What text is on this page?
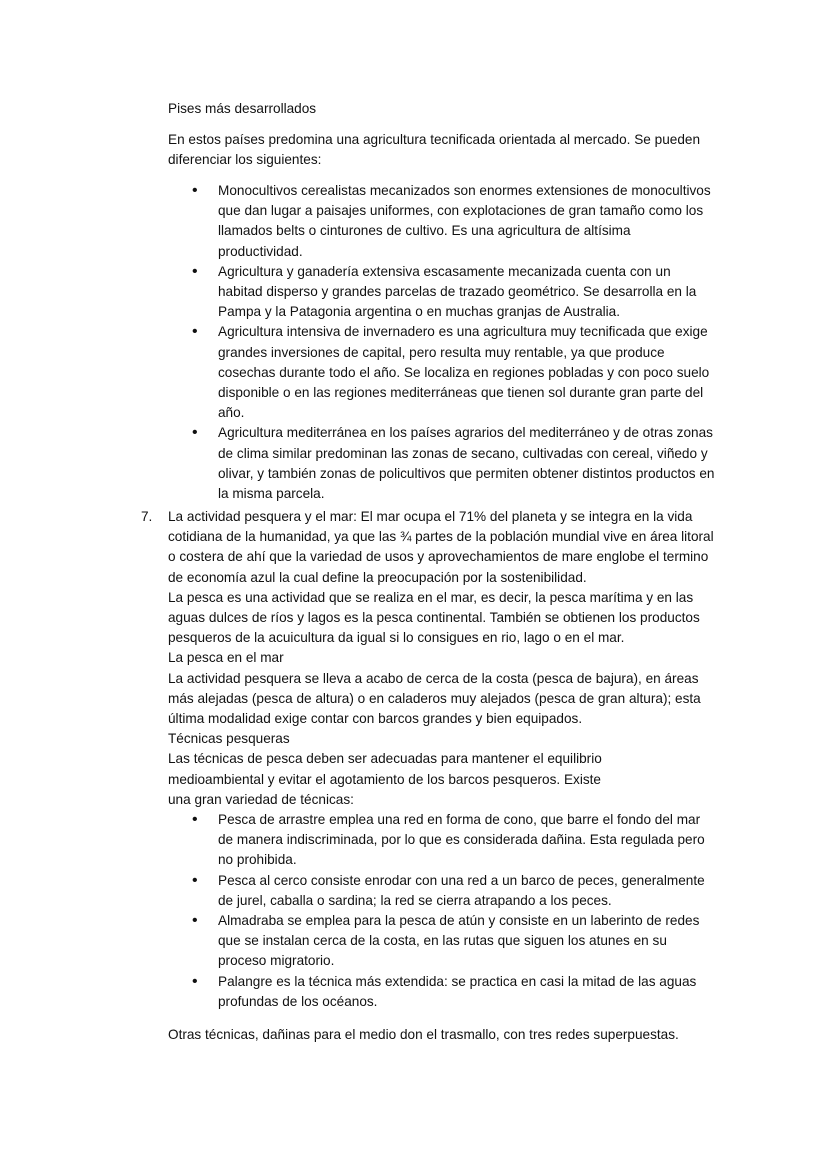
Pises más desarrollados

En estos países predomina una agricultura tecnificada orientada al mercado. Se pueden diferenciar los siguientes:

• Monocultivos cerealistas mecanizados son enormes extensiones de monocultivos que dan lugar a paisajes uniformes, con explotaciones de gran tamaño como los llamados belts o cinturones de cultivo. Es una agricultura de altísima productividad.
• Agricultura y ganadería extensiva escasamente mecanizada cuenta con un habitad disperso y grandes parcelas de trazado geométrico. Se desarrolla en la Pampa y la Patagonia argentina o en muchas granjas de Australia.
• Agricultura intensiva de invernadero es una agricultura muy tecnificada que exige grandes inversiones de capital, pero resulta muy rentable, ya que produce cosechas durante todo el año. Se localiza en regiones pobladas y con poco suelo disponible o en las regiones mediterráneas que tienen sol durante gran parte del año.
• Agricultura mediterránea en los países agrarios del mediterráneo y de otras zonas de clima similar predominan las zonas de secano, cultivadas con cereal, viñedo y olivar, y también zonas de policultivos que permiten obtener distintos productos en la misma parcela.
7. La actividad pesquera y el mar: El mar ocupa el 71% del planeta y se integra en la vida cotidiana de la humanidad, ya que las ¾ partes de la población mundial vive en área litoral o costera de ahí que la variedad de usos y aprovechamientos de mare englobe el termino de economía azul la cual define la preocupación por la sostenibilidad.
La pesca es una actividad que se realiza en el mar, es decir, la pesca marítima y en las aguas dulces de ríos y lagos es la pesca continental. También se obtienen los productos pesqueros de la acuicultura da igual si lo consigues en rio, lago o en el mar.
La pesca en el mar
La actividad pesquera se lleva a acabo de cerca de la costa (pesca de bajura), en áreas más alejadas (pesca de altura) o en caladeros muy alejados (pesca de gran altura); esta última modalidad exige contar con barcos grandes y bien equipados.
Técnicas pesqueras
Las técnicas de pesca deben ser adecuadas para mantener el equilibrio medioambiental y evitar el agotamiento de los barcos pesqueros. Existe una gran variedad de técnicas:
• Pesca de arrastre emplea una red en forma de cono, que barre el fondo del mar de manera indiscriminada, por lo que es considerada dañina. Esta regulada pero no prohibida.
• Pesca al cerco consiste enrodar con una red a un barco de peces, generalmente de jurel, caballa o sardina; la red se cierra atrapando a los peces.
• Almadraba se emplea para la pesca de atún y consiste en un laberinto de redes que se instalan cerca de la costa, en las rutas que siguen los atunes en su proceso migratorio.
• Palangre es la técnica más extendida: se practica en casi la mitad de las aguas profundas de los océanos.

Otras técnicas, dañinas para el medio don el trasmallo, con tres redes superpuestas.
